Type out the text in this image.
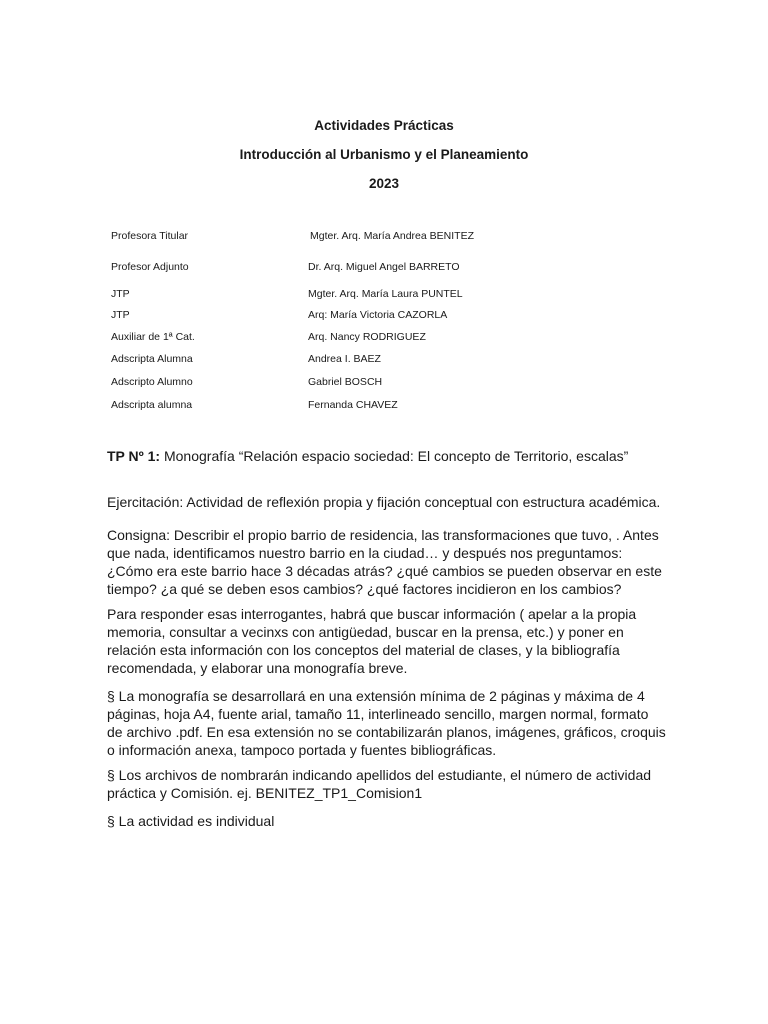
Actividades Prácticas
Introducción al Urbanismo y el Planeamiento
2023
Profesora Titular	Mgter. Arq. María Andrea BENITEZ
Profesor Adjunto	Dr. Arq. Miguel Angel BARRETO
JTP	Mgter. Arq. María Laura PUNTEL
JTP	Arq: María Victoria CAZORLA
Auxiliar de 1ª Cat.	Arq. Nancy RODRIGUEZ
Adscripta Alumna	Andrea I. BAEZ
Adscripto Alumno	Gabriel BOSCH
Adscripta alumna	Fernanda CHAVEZ
TP Nº 1: Monografía “Relación espacio sociedad: El concepto de Territorio, escalas”
Ejercitación: Actividad de reflexión propia y fijación conceptual con estructura académica.
Consigna: Describir el propio barrio de residencia, las transformaciones que tuvo, . Antes
que nada, identificamos nuestro barrio en la ciudad… y después nos preguntamos:
¿Cómo era este barrio hace 3 décadas atrás? ¿qué cambios se pueden observar en este
tiempo? ¿a qué se deben esos cambios? ¿qué factores incidieron en los cambios?
Para responder esas interrogantes, habrá que buscar información ( apelar a la propia
memoria, consultar a vecinxs con antigüedad, buscar en la prensa, etc.) y poner en
relación esta información con los conceptos del material de clases, y la bibliografía
recomendada, y elaborar una monografía breve.
§ La monografía se desarrollará en una extensión mínima de 2 páginas y máxima de 4
páginas, hoja A4, fuente arial, tamaño 11, interlineado sencillo, margen normal, formato
de archivo .pdf. En esa extensión no se contabilizarán planos, imágenes, gráficos, croquis
o información anexa, tampoco portada y fuentes bibliográficas.
§ Los archivos de nombrarán indicando apellidos del estudiante, el número de actividad
práctica y Comisión. ej. BENITEZ_TP1_Comision1
§ La actividad es individual
